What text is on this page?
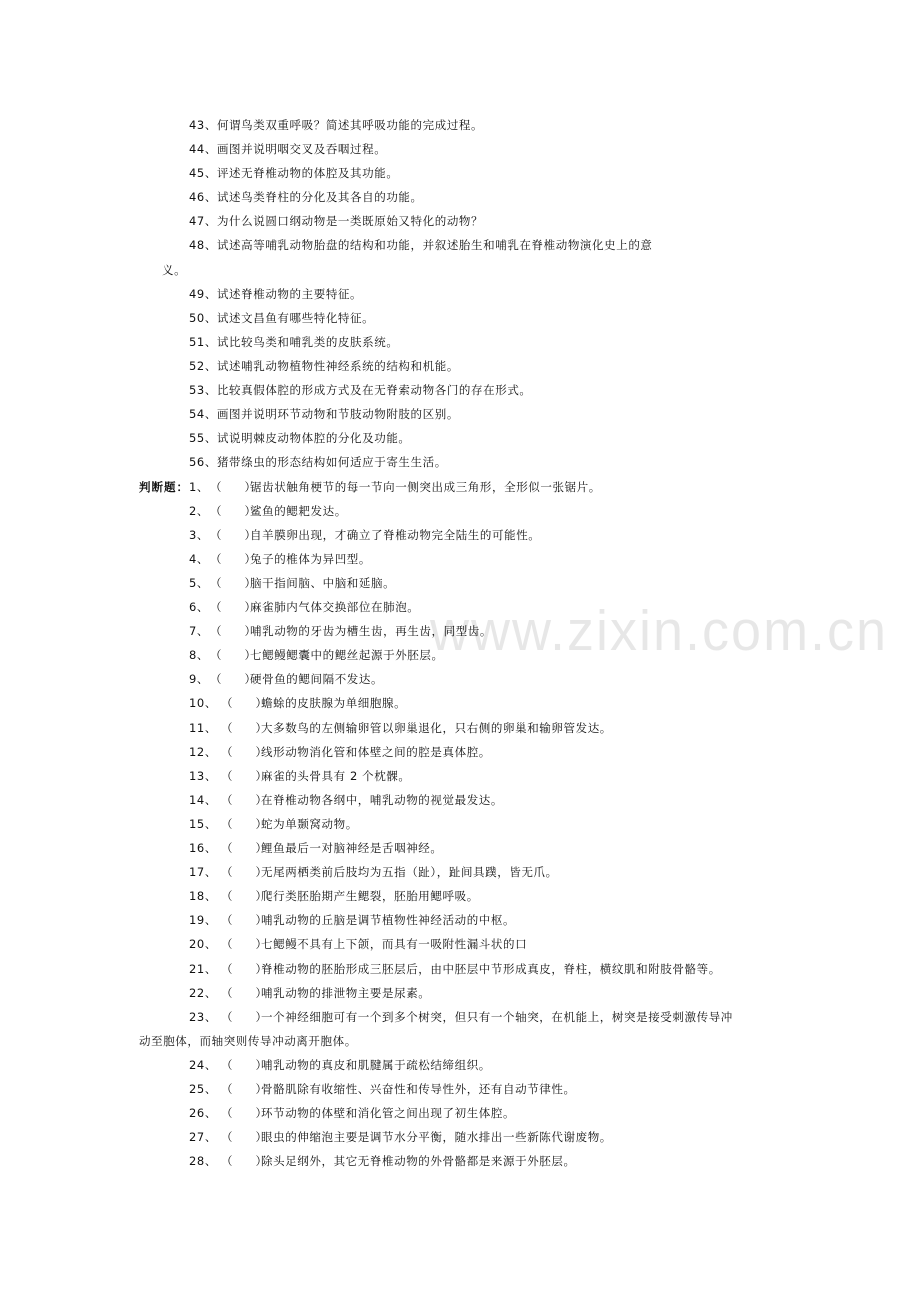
43、何谓鸟类双重呼吸？简述其呼吸功能的完成过程。
44、画图并说明咽交叉及吞咽过程。
45、评述无脊椎动物的体腔及其功能。
46、试述鸟类脊柱的分化及其各自的功能。
47、为什么说圆口纲动物是一类既原始又特化的动物？
48、试述高等哺乳动物胎盘的结构和功能，并叙述胎生和哺乳在脊椎动物演化史上的意
义。
49、试述脊椎动物的主要特征。
50、试述文昌鱼有哪些特化特征。
51、试比较鸟类和哺乳类的皮肤系统。
52、试述哺乳动物植物性神经系统的结构和机能。
53、比较真假体腔的形成方式及在无脊索动物各门的存在形式。
54、画图并说明环节动物和节肢动物附肢的区别。
55、试说明棘皮动物体腔的分化及功能。
56、猪带绦虫的形态结构如何适应于寄生生活。
判断题：1、（　　）锯齿状触角梗节的每一节向一侧突出成三角形，全形似一张锯片。
2、（　　）鲨鱼的鳃耙发达。
3、（　　）自羊膜卵出现，才确立了脊椎动物完全陆生的可能性。
4、（　　）兔子的椎体为异凹型。
5、（　　）脑干指间脑、中脑和延脑。
6、（　　）麻雀肺内气体交换部位在肺泡。
7、（　　）哺乳动物的牙齿为槽生齿，再生齿，同型齿。
8、（　　）七鳃鳗鳃囊中的鳃丝起源于外胚层。
9、（　　）硬骨鱼的鳃间隔不发达。
10、 （　　）蟾蜍的皮肤腺为单细胞腺。
11、 （　　）大多数鸟的左侧输卵管以卵巢退化，只右侧的卵巢和输卵管发达。
12、 （　　）线形动物消化管和体壁之间的腔是真体腔。
13、 （　　）麻雀的头骨具有 2 个枕髁。
14、 （　　）在脊椎动物各纲中，哺乳动物的视觉最发达。
15、 （　　）蛇为单颞窝动物。
16、 （　　）鲤鱼最后一对脑神经是舌咽神经。
17、 （　　）无尾两栖类前后肢均为五指（趾），趾间具蹼，皆无爪。
18、 （　　）爬行类胚胎期产生鳃裂，胚胎用鳃呼吸。
19、 （　　）哺乳动物的丘脑是调节植物性神经活动的中枢。
20、 （　　）七鳃鳗不具有上下颌，而具有一吸附性漏斗状的口
21、 （　　）脊椎动物的胚胎形成三胚层后，由中胚层中节形成真皮，脊柱，横纹肌和附肢骨骼等。
22、 （　　）哺乳动物的排泄物主要是尿素。
23、 （　　）一个神经细胞可有一个到多个树突，但只有一个轴突，在机能上，树突是接受刺激传导冲
动至胞体，而轴突则传导冲动离开胞体。
24、 （　　）哺乳动物的真皮和肌腱属于疏松结缔组织。
25、 （　　）骨骼肌除有收缩性、兴奋性和传导性外，还有自动节律性。
26、 （　　）环节动物的体壁和消化管之间出现了初生体腔。
27、 （　　）眼虫的伸缩泡主要是调节水分平衡，随水排出一些新陈代谢废物。
28、 （　　）除头足纲外，其它无脊椎动物的外骨骼都是来源于外胚层。
www.zixin.com.cn
